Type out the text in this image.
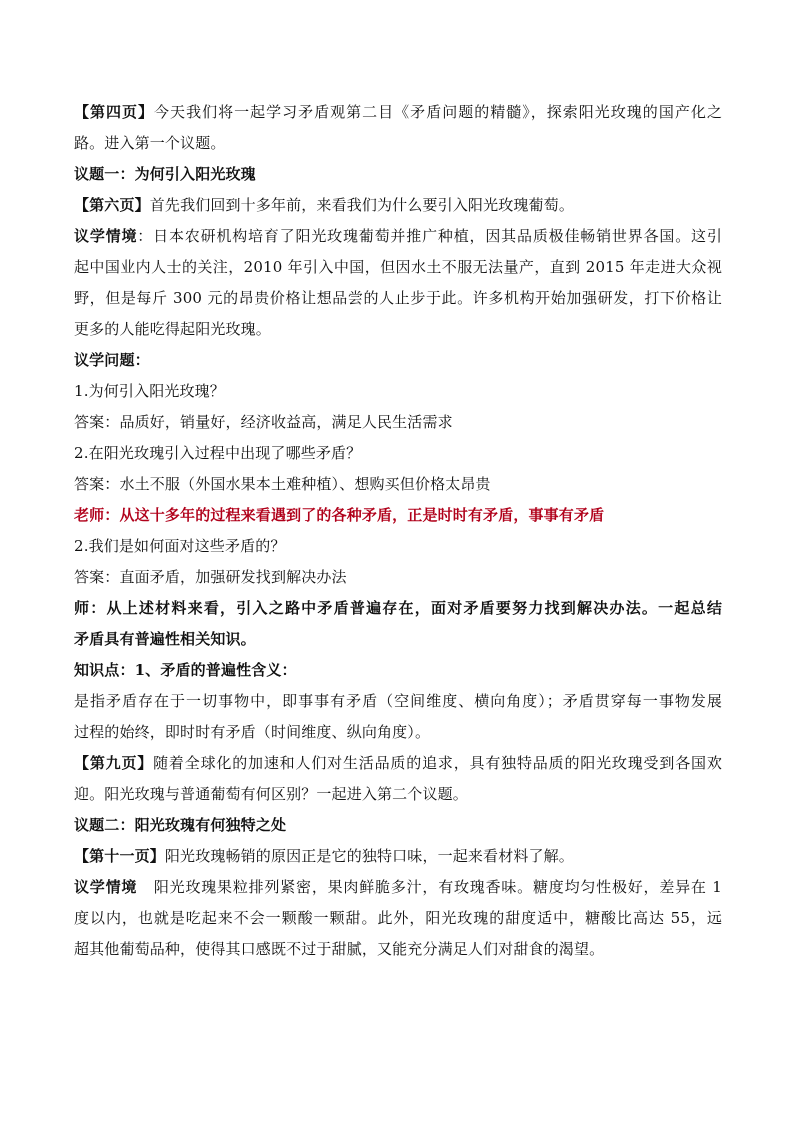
【第四页】今天我们将一起学习矛盾观第二目《矛盾问题的精髓》，探索阳光玫瑰的国产化之
路。进入第一个议题。
议题一：为何引入阳光玫瑰
【第六页】首先我们回到十多年前，来看我们为什么要引入阳光玫瑰葡萄。
议学情境：日本农研机构培育了阳光玫瑰葡萄并推广种植，因其品质极佳畅销世界各国。这引
起中国业内人士的关注，2010 年引入中国，但因水土不服无法量产，直到 2015 年走进大众视
野，但是每斤 300 元的昂贵价格让想品尝的人止步于此。许多机构开始加强研发，打下价格让
更多的人能吃得起阳光玫瑰。
议学问题：
1.为何引入阳光玫瑰？
答案：品质好，销量好，经济收益高，满足人民生活需求
2.在阳光玫瑰引入过程中出现了哪些矛盾？
答案：水土不服（外国水果本土难种植）、想购买但价格太昂贵
老师：从这十多年的过程来看遇到了的各种矛盾，正是时时有矛盾，事事有矛盾
2.我们是如何面对这些矛盾的？
答案：直面矛盾，加强研发找到解决办法
师：从上述材料来看，引入之路中矛盾普遍存在，面对矛盾要努力找到解决办法。一起总结
矛盾具有普遍性相关知识。
知识点：1、矛盾的普遍性含义：
是指矛盾存在于一切事物中，即事事有矛盾（空间维度、横向角度）；矛盾贯穿每一事物发展
过程的始终，即时时有矛盾（时间维度、纵向角度）。
【第九页】随着全球化的加速和人们对生活品质的追求，具有独特品质的阳光玫瑰受到各国欢
迎。阳光玫瑰与普通葡萄有何区别？一起进入第二个议题。
议题二：阳光玫瑰有何独特之处
【第十一页】阳光玫瑰畅销的原因正是它的独特口味，一起来看材料了解。
议学情境   阳光玫瑰果粒排列紧密，果肉鲜脆多汁，有玫瑰香味。糖度均匀性极好，差异在 1
度以内，也就是吃起来不会一颗酸一颗甜。此外，阳光玫瑰的甜度适中，糖酸比高达 55，远
超其他葡萄品种，使得其口感既不过于甜腻，又能充分满足人们对甜食的渴望。
